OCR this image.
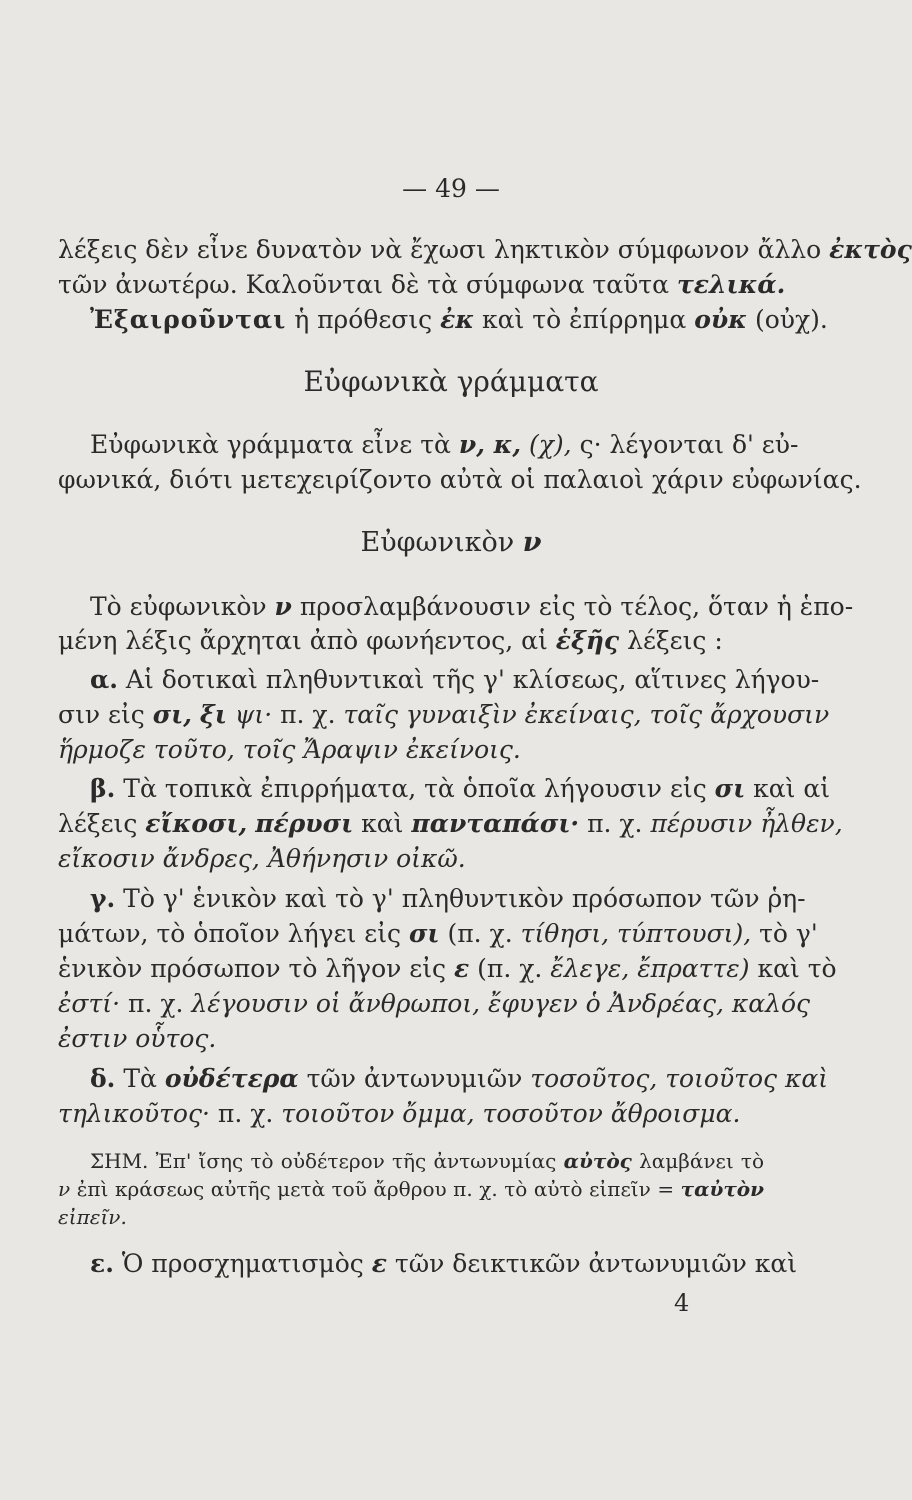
— 49 —
λέξεις δὲν εἶνε δυνατὸν νὰ ἔχωσι ληκτικὸν σύμφωνον ἄλλο ἐκτὸς
τῶν ἀνωτέρω. Καλοῦνται δὲ τὰ σύμφωνα ταῦτα τελικά.
Ἐξαιροῦνται ἡ πρόθεσις ἐκ καὶ τὸ ἐπίρρημα οὐκ (οὐχ).
Εὐφωνικὰ γράμματα
Εὐφωνικὰ γράμματα εἶνε τὰ ν, κ, (χ), ς· λέγονται δ' εὐ-
φωνικά, διότι μετεχειρίζοντο αὐτὰ οἱ παλαιοὶ χάριν εὐφωνίας.
Εὐφωνικὸν ν
Τὸ εὐφωνικὸν ν προσλαμβάνουσιν εἰς τὸ τέλος, ὅταν ἡ ἑπο-
μένη λέξις ἄρχηται ἀπὸ φωνήεντος, αἱ ἑξῆς λέξεις :
α. Αἱ δοτικαὶ πληθυντικαὶ τῆς γ' κλίσεως, αἵτινες λήγου-
σιν εἰς σι, ξι ψι· π. χ. ταῖς γυναιξὶν ἐκείναις, τοῖς ἄρχουσιν
ἥρμοζε τοῦτο, τοῖς Ἄραψιν ἐκείνοις.
β. Τὰ τοπικὰ ἐπιρρήματα, τὰ ὁποῖα λήγουσιν εἰς σι καὶ αἱ
λέξεις εἴκοσι, πέρυσι καὶ πανταπάσι· π. χ. πέρυσιν ἦλθεν,
εἴκοσιν ἄνδρες, Ἀθήνησιν οἰκῶ.
γ. Τὸ γ' ἑνικὸν καὶ τὸ γ' πληθυντικὸν πρόσωπον τῶν ῥη-
μάτων, τὸ ὁποῖον λήγει εἰς σι (π. χ. τίθησι, τύπτουσι), τὸ γ'
ἑνικὸν πρόσωπον τὸ λῆγον εἰς ε (π. χ. ἔλεγε, ἔπραττε) καὶ τὸ
ἐστί· π. χ. λέγουσιν οἱ ἄνθρωποι, ἔφυγεν ὁ Ἀνδρέας, καλός
ἐστιν οὗτος.
δ. Τὰ οὐδέτερα τῶν ἀντωνυμιῶν τοσοῦτος, τοιοῦτος καὶ
τηλικοῦτος· π. χ. τοιοῦτον ὄμμα, τοσοῦτον ἄθροισμα.
ΣΗΜ. Ἐπ' ἴσης τὸ οὐδέτερον τῆς ἀντωνυμίας αὐτὸς λαμβάνει τὸ
ν ἐπὶ κράσεως αὐτῆς μετὰ τοῦ ἄρθρου π. χ. τὸ αὐτὸ εἰπεῖν = ταὐτὸν
εἰπεῖν.
ε. Ὁ προσχηματισμὸς ε τῶν δεικτικῶν ἀντωνυμιῶν καὶ
4
